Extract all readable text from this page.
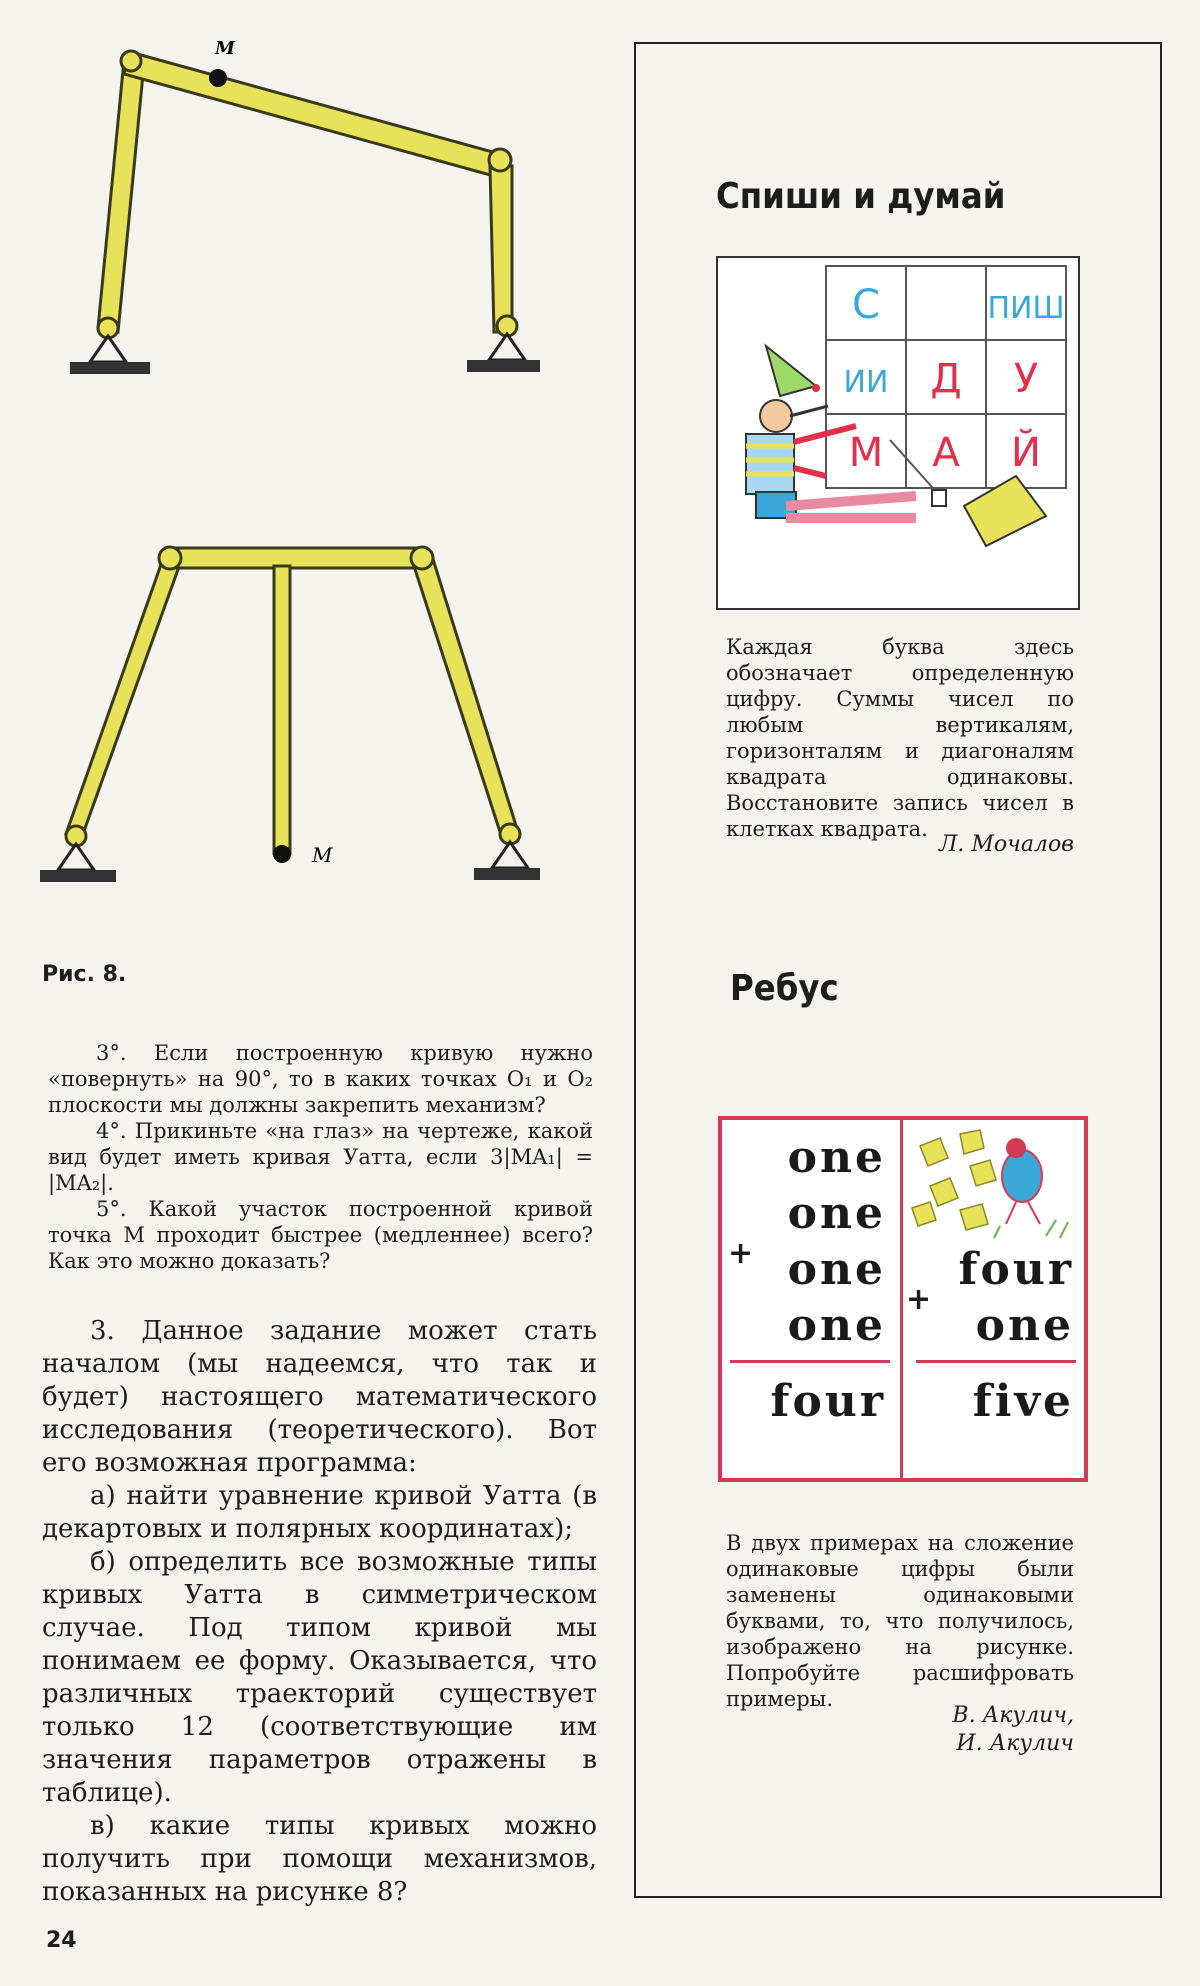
M
M
Рис. 8.

3°. Если построенную кривую нужно «повернуть» на 90°, то в каких точках O₁ и O₂ плоскости мы должны закрепить механизм?

4°. Прикиньте «на глаз» на чертеже, какой вид будет иметь кривая Уатта, если 3|MA₁| = |MA₂|.

5°. Какой участок построенной кривой точка M проходит быстрее (медленнее) всего? Как это можно доказать?

3. Данное задание может стать началом (мы надеемся, что так и будет) настоящего математического исследования (теоретического). Вот его возможная программа:

а) найти уравнение кривой Уатта (в декартовых и полярных координатах);

б) определить все возможные типы кривых Уатта в симметрическом случае. Под типом кривой мы понимаем ее форму. Оказывается, что различных траекторий существует только 12 (соответствующие им значения параметров отражены в таблице).

в) какие типы кривых можно получить при помощи механизмов, показанных на рисунке 8?

24
Спиши и думай
С	ПИШ
ИИ Д У
М А Й
Каждая буква здесь обозначает определенную цифру. Суммы чисел по любым вертикалям, горизонталям и диагоналям квадрата одинаковы. Восстановите запись чисел в клетках квадрата.
Л. Мочалов
Ребус
one
one
one
one
+
four
four
one
+
five
В двух примерах на сложение одинаковые цифры были заменены одинаковыми буквами, то, что получилось, изображено на рисунке. Попробуйте расшифровать примеры.
В. Акулич,
И. Акулич
